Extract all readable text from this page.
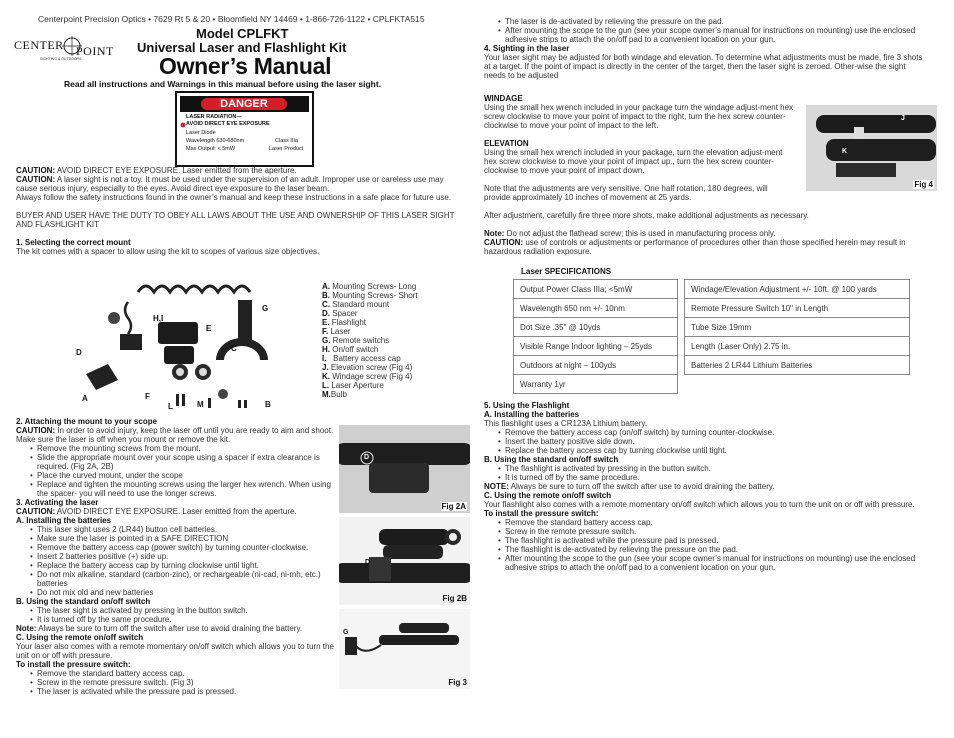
Centerpoint Precision Optics • 7629 Rt 5 & 20 • Bloomfield NY 14469 • 1-866-726-1122 • CPLFKTA515
CENTER POINT
SIGHTING & OUTDOORS
Model CPLFKT
Universal Laser and Flashlight Kit
Owner’s Manual
Read all instructions and Warnings in this manual before using the laser sight.
DANGER
LASER RADIATION—
AVOID DIRECT EYE EXPOSURE
Laser Diode
Wavelength 630-680nm	Class IIIa
Max Output: < 5mW	Laser Product

CAUTION: AVOID DIRECT EYE EXPOSURE. Laser emitted from the aperture.

CAUTION: A laser sight is not a toy. It must be used under the supervision of an adult. Improper use or careless use may cause serious injury, especially to the eyes. Avoid direct eye exposure to the laser beam.

Always follow the safety instructions found in the owner’s manual and keep these instructions in a safe place for future use.

BUYER AND USER HAVE THE DUTY TO OBEY ALL LAWS ABOUT THE USE AND OWNERSHIP OF THIS LASER SIGHT AND FLASHLIGHT KIT

1. Selecting the correct mount

The kit comes with a spacer to allow using the kit to scopes of various size objectives.

G
H,I
E
C
D
A	F
L	M	B
A. Mounting Screws- Long
B. Mounting Screws- Short
C. Standard mount
D. Spacer
E. Flashlight
F. Laser
G. Remote switchs
H. On/off switch
I.   Battery access cap
J. Elevation screw (Fig 4)
K. Windage screw (Fig 4)
L. Laser Aperture
M.Bulb

2. Attaching the mount to your scope

CAUTION: In order to avoid injury, keep the laser off until you are ready to aim and shoot. Make sure the laser is off when you mount or remove the kit.

• Remove the mounting screws from the mount.
• Slide the appropriate mount over your scope using a spacer if extra clearance is required. (Fig 2A, 2B)
• Place the curved mount, under the scope
• Replace and tighten the mounting screws using the larger hex wrench. When using the spacer- you will need to use the longer screws.

3. Activating the laser

CAUTION: AVOID DIRECT EYE EXPOSURE. Laser emitted from the aperture.

A. Installing the batteries

• This laser sight uses 2 (LR44) button cell batteries.
• Make sure the laser is pointed in a SAFE DIRECTION
• Remove the battery access cap (power switch) by turning counter-clockwise.
• Insert 2 batteries positive (+) side up.
• Replace the battery access cap by turning clockwise until tight.
• Do not mix alkaline, standard (carbon-zinc), or rechargeable (ni-cad, ni-mh, etc.) batteries
• Do not mix old and new batteries

B. Using the standard on/off switch

• The laser sight is activated by pressing in the button switch.
• It is turned off by the same procedure.

Note: Always be sure to turn off the switch after use to avoid draining the battery.

C. Using the remote on/off switch

Your laser also comes with a remote momentary on/off switch which allows you to turn the unit on or off with pressure.

To install the pressure switch:

• Remove the standard battery access cap.
• Screw in the remote pressure switch. (Fig 3)
• The laser is activated while the pressure pad is pressed.
D
Fig 2A
D
Fig 2B
G
Fig 3
• The laser is de-activated by relieving the pressure on the pad.
• After mounting the scope to the gun (see your scope owner’s manual for instructions on mounting) use the enclosed adhesive strips to attach the on/off pad to a convenient location on your gun.

4. Sighting in the laser

Your laser sight may be adjusted for both windage and elevation. To determine what adjustments must be made, fire 3 shots at a target. If the point of impact is directly in the center of the target, then the laser sight is zeroed. Other-wise the sight needs to be adjusted

WINDAGE

Using the small hex wrench included in your package turn the windage adjust-ment hex screw clockwise to move your point of impact to the right, turn the hex screw counter-clockwise to move your point of impact to the left.

ELEVATION

Using the small hex wrench included in your package, turn the elevation adjust-ment hex screw clockwise to move your point of impact up., turn the hex screw counter-clockwise to move your point of impact down.

Note that the adjustments are very sensitive. One half rotation, 180 degrees, will provide approximately 10 inches of movement at 25 yards.

J
K
Fig 4

After adjustment, carefully fire three more shots, make additional adjustments as necessary.

Note: Do not adjust the flathead screw; this is used in manufacturing process only.

CAUTION: use of controls or adjustments or performance of procedures other than those specified herein may result in hazardous radiation exposure.

Laser SPECIFICATIONS
Output Power Class IIIa; <5mW
Wavelength 650 nm +/- 10nm
Dot Size .35" @ 10yds
Visible Range Indoor lighting – 25yds
Outdoors at night – 100yds
Warranty 1yr
Windage/Elevation Adjustment +/- 10ft. @ 100 yards
Remote Pressure Switch 10" in Length
Tube Size 19mm
Length (Laser Only) 2.75 in.
Batteries 2 LR44 Lithium Batteries

5. Using the Flashlight

A. Installing the batteries

This flashlight uses a CR123A Lithium battery.

• Remove the battery access cap (on/off switch) by turning counter-clockwise.
• Insert the battery positive side down.
• Replace the battery access cap by turning clockwise until tight.

B. Using the standard on/off switch

• The flashlight is activated by pressing in the button switch.
• It is turned off by the same procedure.

NOTE: Always be sure to turn off the switch after use to avoid draining the battery.

C. Using the remote on/off switch

Your flashlight also comes with a remote momentary on/off switch which allows you to turn the unit on or off with pressure.

To install the pressure switch:

• Remove the standard battery access cap.
• Screw in the remote pressure switch.
• The flashlight is activated while the pressure pad is pressed.
• The flashlight is de-activated by relieving the pressure on the pad.
• After mounting the scope to the gun (see your scope owner’s manual for instructions on mounting) use the enclosed adhesive strips to attach the on/off pad to a convenient location on your gun.
